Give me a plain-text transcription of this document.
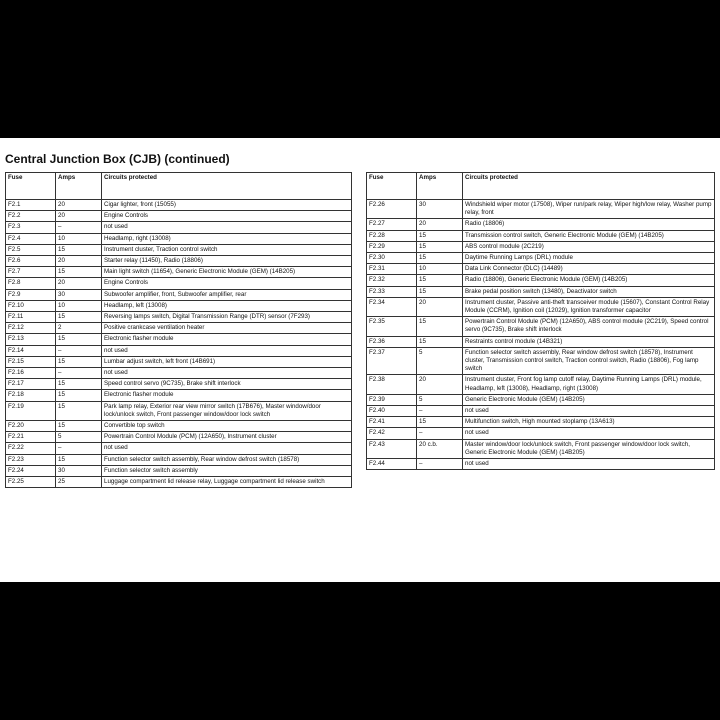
Central Junction Box (CJB) (continued)
Fuse	Amps	Circuits protected
F2.1	20	Cigar lighter, front (15055)
F2.2	20	Engine Controls
F2.3	–	not used
F2.4	10	Headlamp, right (13008)
F2.5	15	Instrument cluster, Traction control switch
F2.6	20	Starter relay (11450), Radio (18806)
F2.7	15	Main light switch (11654), Generic Electronic Module (GEM) (14B205)
F2.8	20	Engine Controls
F2.9	30	Subwoofer amplifier, front, Subwoofer amplifier, rear
F2.10	10	Headlamp, left (13008)
F2.11	15	Reversing lamps switch, Digital Transmission Range (DTR) sensor (7F293)
F2.12	2	Positive crankcase ventilation heater
F2.13	15	Electronic flasher module
F2.14	–	not used
F2.15	15	Lumbar adjust switch, left front (14B691)
F2.16	–	not used
F2.17	15	Speed control servo (9C735), Brake shift interlock
F2.18	15	Electronic flasher module
F2.19	15	Park lamp relay, Exterior rear view mirror switch (17B676), Master window/door lock/unlock switch, Front passenger window/door lock switch
F2.20	15	Convertible top switch
F2.21	5	Powertrain Control Module (PCM) (12A650), Instrument cluster
F2.22	–	not used
F2.23	15	Function selector switch assembly, Rear window defrost switch (18578)
F2.24	30	Function selector switch assembly
F2.25	25	Luggage compartment lid release relay, Luggage compartment lid release switch
Fuse	Amps	Circuits protected
F2.26	30	Windshield wiper motor (17508), Wiper run/park relay, Wiper high/low relay, Washer pump relay, front
F2.27	20	Radio (18806)
F2.28	15	Transmission control switch, Generic Electronic Module (GEM) (14B205)
F2.29	15	ABS control module (2C219)
F2.30	15	Daytime Running Lamps (DRL) module
F2.31	10	Data Link Connector (DLC) (14489)
F2.32	15	Radio (18806), Generic Electronic Module (GEM) (14B205)
F2.33	15	Brake pedal position switch (13480), Deactivator switch
F2.34	20	Instrument cluster, Passive anti-theft transceiver module (15607), Constant Control Relay Module (CCRM), Ignition coil (12029), Ignition transformer capacitor
F2.35	15	Powertrain Control Module (PCM) (12A650), ABS control module (2C219), Speed control servo (9C735), Brake shift interlock
F2.36	15	Restraints control module (14B321)
F2.37	5	Function selector switch assembly, Rear window defrost switch (18578), Instrument cluster, Transmission control switch, Traction control switch, Radio (18806), Fog lamp switch
F2.38	20	Instrument cluster, Front fog lamp cutoff relay, Daytime Running Lamps (DRL) module, Headlamp, left (13008), Headlamp, right (13008)
F2.39	5	Generic Electronic Module (GEM) (14B205)
F2.40	–	not used
F2.41	15	Multifunction switch, High mounted stoplamp (13A613)
F2.42	–	not used
F2.43	20 c.b.	Master window/door lock/unlock switch, Front passenger window/door lock switch, Generic Electronic Module (GEM) (14B205)
F2.44	–	not used
